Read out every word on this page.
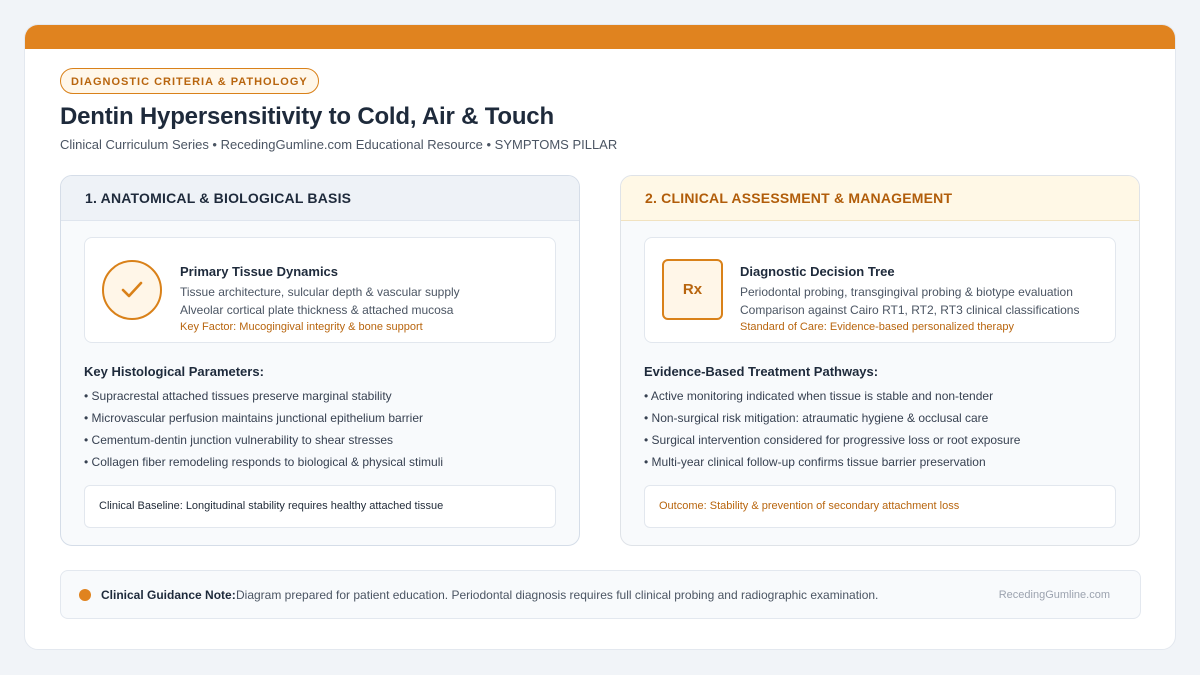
DIAGNOSTIC CRITERIA & PATHOLOGY
Dentin Hypersensitivity to Cold, Air & Touch
Clinical Curriculum Series • RecedingGumline.com Educational Resource • SYMPTOMS PILLAR
1. ANATOMICAL & BIOLOGICAL BASIS
Primary Tissue Dynamics
Tissue architecture, sulcular depth & vascular supply
Alveolar cortical plate thickness & attached mucosa
Key Factor: Mucogingival integrity & bone support
Key Histological Parameters:
• Supracrestal attached tissues preserve marginal stability
• Microvascular perfusion maintains junctional epithelium barrier
• Cementum-dentin junction vulnerability to shear stresses
• Collagen fiber remodeling responds to biological & physical stimuli
Clinical Baseline: Longitudinal stability requires healthy attached tissue
2. CLINICAL ASSESSMENT & MANAGEMENT
Rx
Diagnostic Decision Tree
Periodontal probing, transgingival probing & biotype evaluation
Comparison against Cairo RT1, RT2, RT3 clinical classifications
Standard of Care: Evidence-based personalized therapy
Evidence-Based Treatment Pathways:
• Active monitoring indicated when tissue is stable and non-tender
• Non-surgical risk mitigation: atraumatic hygiene & occlusal care
• Surgical intervention considered for progressive loss or root exposure
• Multi-year clinical follow-up confirms tissue barrier preservation
Outcome: Stability & prevention of secondary attachment loss
Clinical Guidance Note: Diagram prepared for patient education. Periodontal diagnosis requires full clinical probing and radiographic examination.	RecedingGumline.com
